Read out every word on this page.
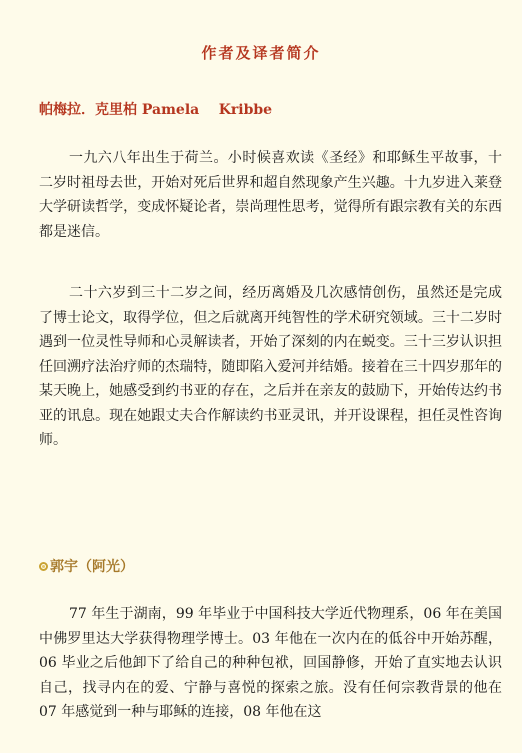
作者及译者简介
帕梅拉．克里柏 Pamela    Kribbe

一九六八年出生于荷兰。小时候喜欢读《圣经》和耶稣生平故事，十二岁时祖母去世，开始对死后世界和超自然现象产生兴趣。十九岁进入莱登大学研读哲学，变成怀疑论者，崇尚理性思考，觉得所有跟宗教有关的东西都是迷信。

二十六岁到三十二岁之间，经历离婚及几次感情创伤，虽然还是完成了博士论文，取得学位，但之后就离开纯智性的学术研究领域。三十二岁时遇到一位灵性导师和心灵解读者，开始了深刻的内在蜕变。三十三岁认识担任回溯疗法治疗师的杰瑞特，随即陷入爱河并结婚。接着在三十四岁那年的某天晚上，她感受到约书亚的存在，之后并在亲友的鼓励下，开始传达约书亚的讯息。现在她跟丈夫合作解读约书亚灵讯，并开设课程，担任灵性咨询师。

郭宇（阿光）

77 年生于湖南，99 年毕业于中国科技大学近代物理系，06 年在美国中佛罗里达大学获得物理学博士。03 年他在一次内在的低谷中开始苏醒，06 毕业之后他卸下了给自己的种种包袱，回国静修，开始了直实地去认识自己，找寻内在的爱、宁静与喜悦的探索之旅。没有任何宗教背景的他在 07 年感觉到一种与耶稣的连接，08 年他在这
